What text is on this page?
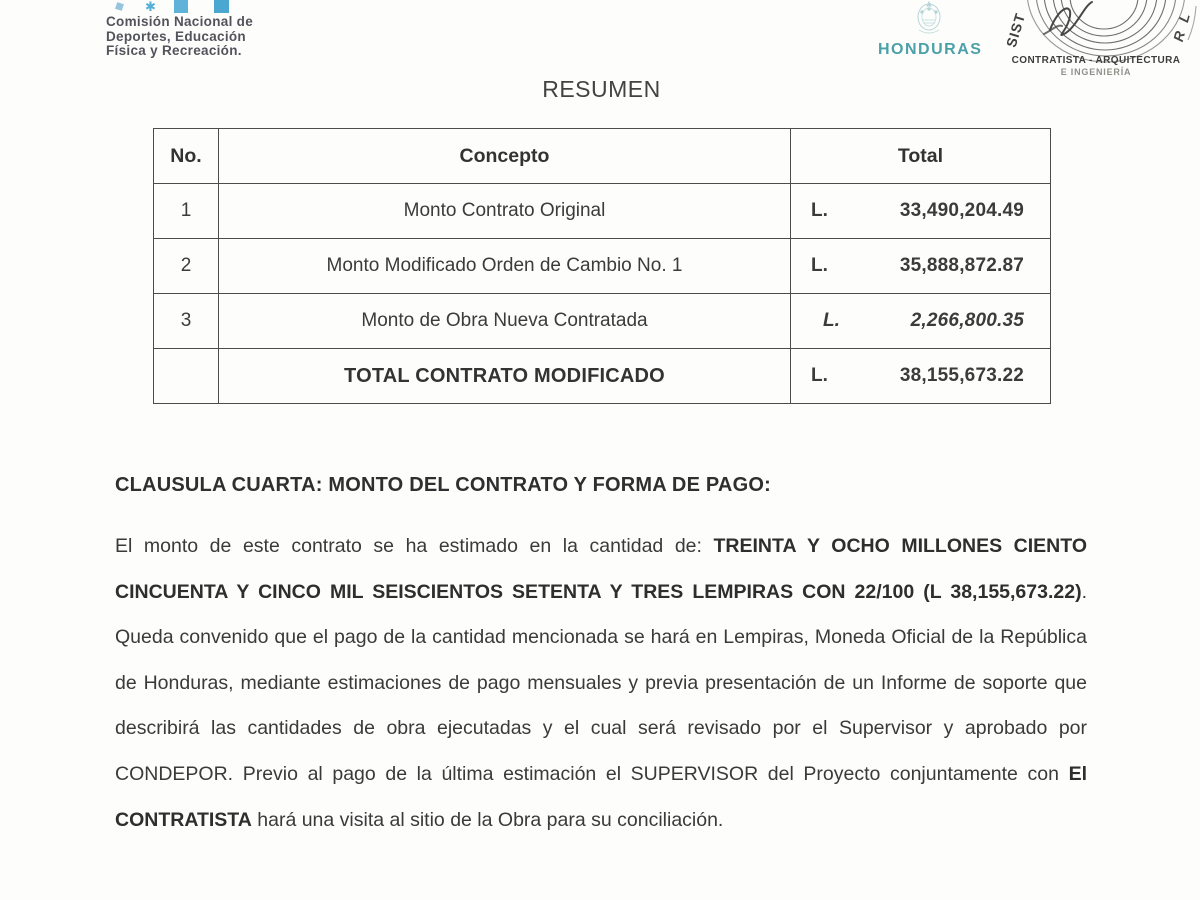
✱
Comisión Nacional de
Deportes, Educación
Física y Recreación.	HONDURAS
SIST	R L
CONTRATISTA - ARQUITECTURA
E INGENIERÍA
RESUMEN
No.	Concepto	Total
1	Monto Contrato Original	L. 33,490,204.49

2	Monto Modificado Orden de Cambio No. 1	L. 35,888,872.87

3	Monto de Obra Nueva Contratada	L. 2,266,800.35

	TOTAL CONTRATO MODIFICADO	L. 38,155,673.22
CLAUSULA CUARTA: MONTO DEL CONTRATO Y FORMA DE PAGO:

El monto de este contrato se ha estimado en la cantidad de: TREINTA Y OCHO MILLONES CIENTO CINCUENTA Y CINCO MIL SEISCIENTOS SETENTA Y TRES LEMPIRAS CON 22/100 (L 38,155,673.22). Queda convenido que el pago de la cantidad mencionada se hará en Lempiras, Moneda Oficial de la República de Honduras, mediante estimaciones de pago mensuales y previa presentación de un Informe de soporte que describirá las cantidades de obra ejecutadas y el cual será revisado por el Supervisor y aprobado por CONDEPOR. Previo al pago de la última estimación el SUPERVISOR del Proyecto conjuntamente con El CONTRATISTA hará una visita al sitio de la Obra para su conciliación.
